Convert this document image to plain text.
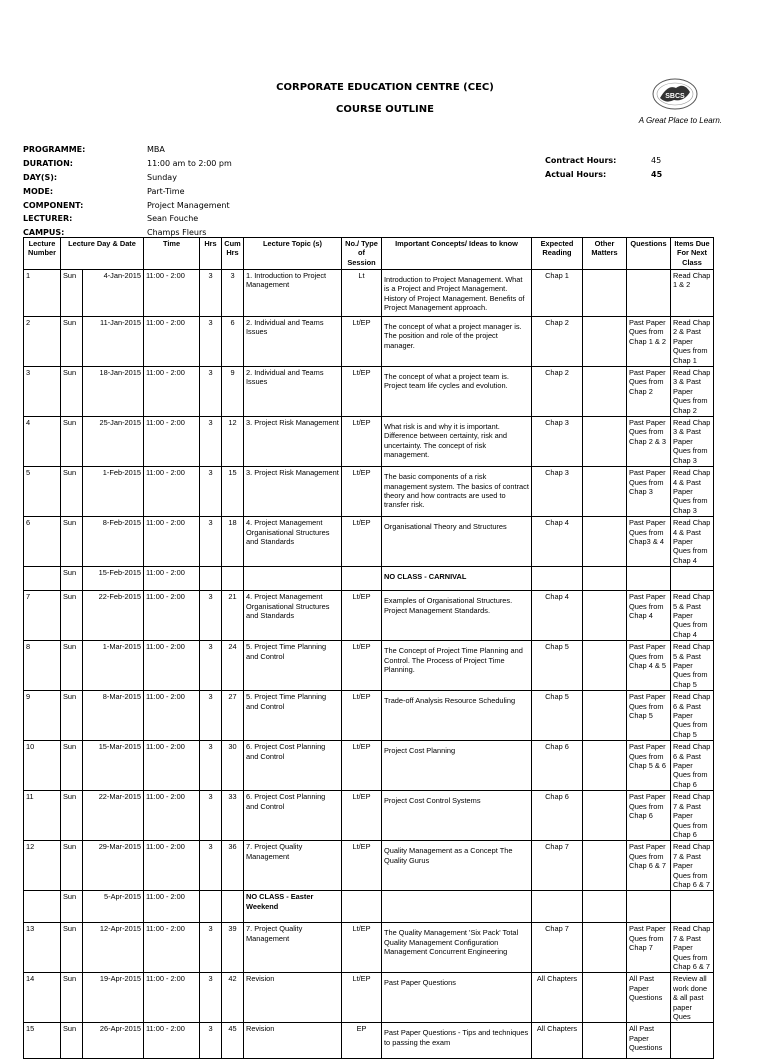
CORPORATE EDUCATION CENTRE (CEC)
COURSE OUTLINE
SBCS
A Great Place to Learn.
PROGRAMME:	MBA
DURATION:	11:00 am to 2:00 pm
DAY(S):	Sunday
MODE:	Part-Time
COMPONENT:	Project Management
LECTURER:	Sean Fouche
CAMPUS:	Champs Fleurs
Contract Hours:	45
Actual Hours:	45
Lecture Number	Lecture Day & Date		Time	Hrs	Cum Hrs	Lecture Topic (s)	No./ Type of Session	Important Concepts/ Ideas to know	Expected Reading	Other Matters	Questions	Items Due For Next Class
1	Sun	4-Jan-2015	11:00 - 2:00	3	3	1. Introduction to Project Management	Lt	Introduction to Project Management. What is a Project and Project Management. History of Project Management. Benefits of Project Management approach.	Chap 1			Read Chap 1 & 2
2	Sun	11-Jan-2015	11:00 - 2:00	3	6	2. Individual and Teams Issues	Lt/EP	The concept of what a project manager is. The position and role of the project manager.	Chap 2		Past Paper Ques from Chap 1 & 2	Read Chap 2 & Past Paper Ques from Chap 1
3	Sun	18-Jan-2015	11:00 - 2:00	3	9	2. Individual and Teams Issues	Lt/EP	The concept of what a project team is. Project team life cycles and evolution.	Chap 2		Past Paper Ques from Chap 2	Read Chap 3 & Past Paper Ques from Chap 2
4	Sun	25-Jan-2015	11:00 - 2:00	3	12	3. Project Risk Management	Lt/EP	What risk is and why it is important. Difference between certainty, risk and uncertainty. The concept of risk management.	Chap 3		Past Paper Ques from Chap 2 & 3	Read Chap 3 & Past Paper Ques from Chap 3
5	Sun	1-Feb-2015	11:00 - 2:00	3	15	3. Project Risk Management	Lt/EP	The basic components of a risk management system. The basics of contract theory and how contracts are used to transfer risk.	Chap 3		Past Paper Ques from Chap 3	Read Chap 4 & Past Paper Ques from Chap 3
6	Sun	8-Feb-2015	11:00 - 2:00	3	18	4. Project Management Organisational Structures and Standards	Lt/EP	Organisational Theory and Structures	Chap 4		Past Paper Ques from Chap3 & 4	Read Chap 4 & Past Paper Ques from Chap 4
	Sun	15-Feb-2015	11:00 - 2:00					NO CLASS - CARNIVAL				
7	Sun	22-Feb-2015	11:00 - 2:00	3	21	4. Project Management Organisational Structures and Standards	Lt/EP	Examples of Organisational Structures. Project Management Standards.	Chap 4		Past Paper Ques from Chap 4	Read Chap 5 & Past Paper Ques from Chap 4
8	Sun	1-Mar-2015	11:00 - 2:00	3	24	5. Project Time Planning and Control	Lt/EP	The Concept of Project Time Planning and Control. The Process of Project Time Planning.	Chap 5		Past Paper Ques from Chap 4 & 5	Read Chap 5 & Past Paper Ques from Chap 5
9	Sun	8-Mar-2015	11:00 - 2:00	3	27	5. Project Time Planning and Control	Lt/EP	Trade-off Analysis Resource Scheduling	Chap 5		Past Paper Ques from Chap 5	Read Chap 6 & Past Paper Ques from Chap 5
10	Sun	15-Mar-2015	11:00 - 2:00	3	30	6. Project Cost Planning and Control	Lt/EP	Project Cost Planning	Chap 6		Past Paper Ques from Chap 5 & 6	Read Chap 6 & Past Paper Ques from Chap 6
11	Sun	22-Mar-2015	11:00 - 2:00	3	33	6. Project Cost Planning and Control	Lt/EP	Project Cost Control Systems	Chap 6		Past Paper Ques from Chap 6	Read Chap 7 & Past Paper Ques from Chap 6
12	Sun	29-Mar-2015	11:00 - 2:00	3	36	7. Project Quality Management	Lt/EP	Quality Management as a Concept The Quality Gurus	Chap 7		Past Paper Ques from Chap 6 & 7	Read Chap 7 & Past Paper Ques from Chap 6 & 7
	Sun	5-Apr-2015	11:00 - 2:00			NO CLASS - Easter Weekend						
13	Sun	12-Apr-2015	11:00 - 2:00	3	39	7. Project Quality Management	Lt/EP	The Quality Management 'Six Pack' Total Quality Management Configuration Management Concurrent Engineering	Chap 7		Past Paper Ques from Chap 7	Read Chap 7 & Past Paper Ques from Chap 6 & 7
14	Sun	19-Apr-2015	11:00 - 2:00	3	42	Revision	Lt/EP	Past Paper Questions	All Chapters		All Past Paper Questions	Review all work done & all past paper Ques
15	Sun	26-Apr-2015	11:00 - 2:00	3	45	Revision	EP	Past Paper Questions - Tips and techniques to passing the exam	All Chapters		All Past Paper Questions	
